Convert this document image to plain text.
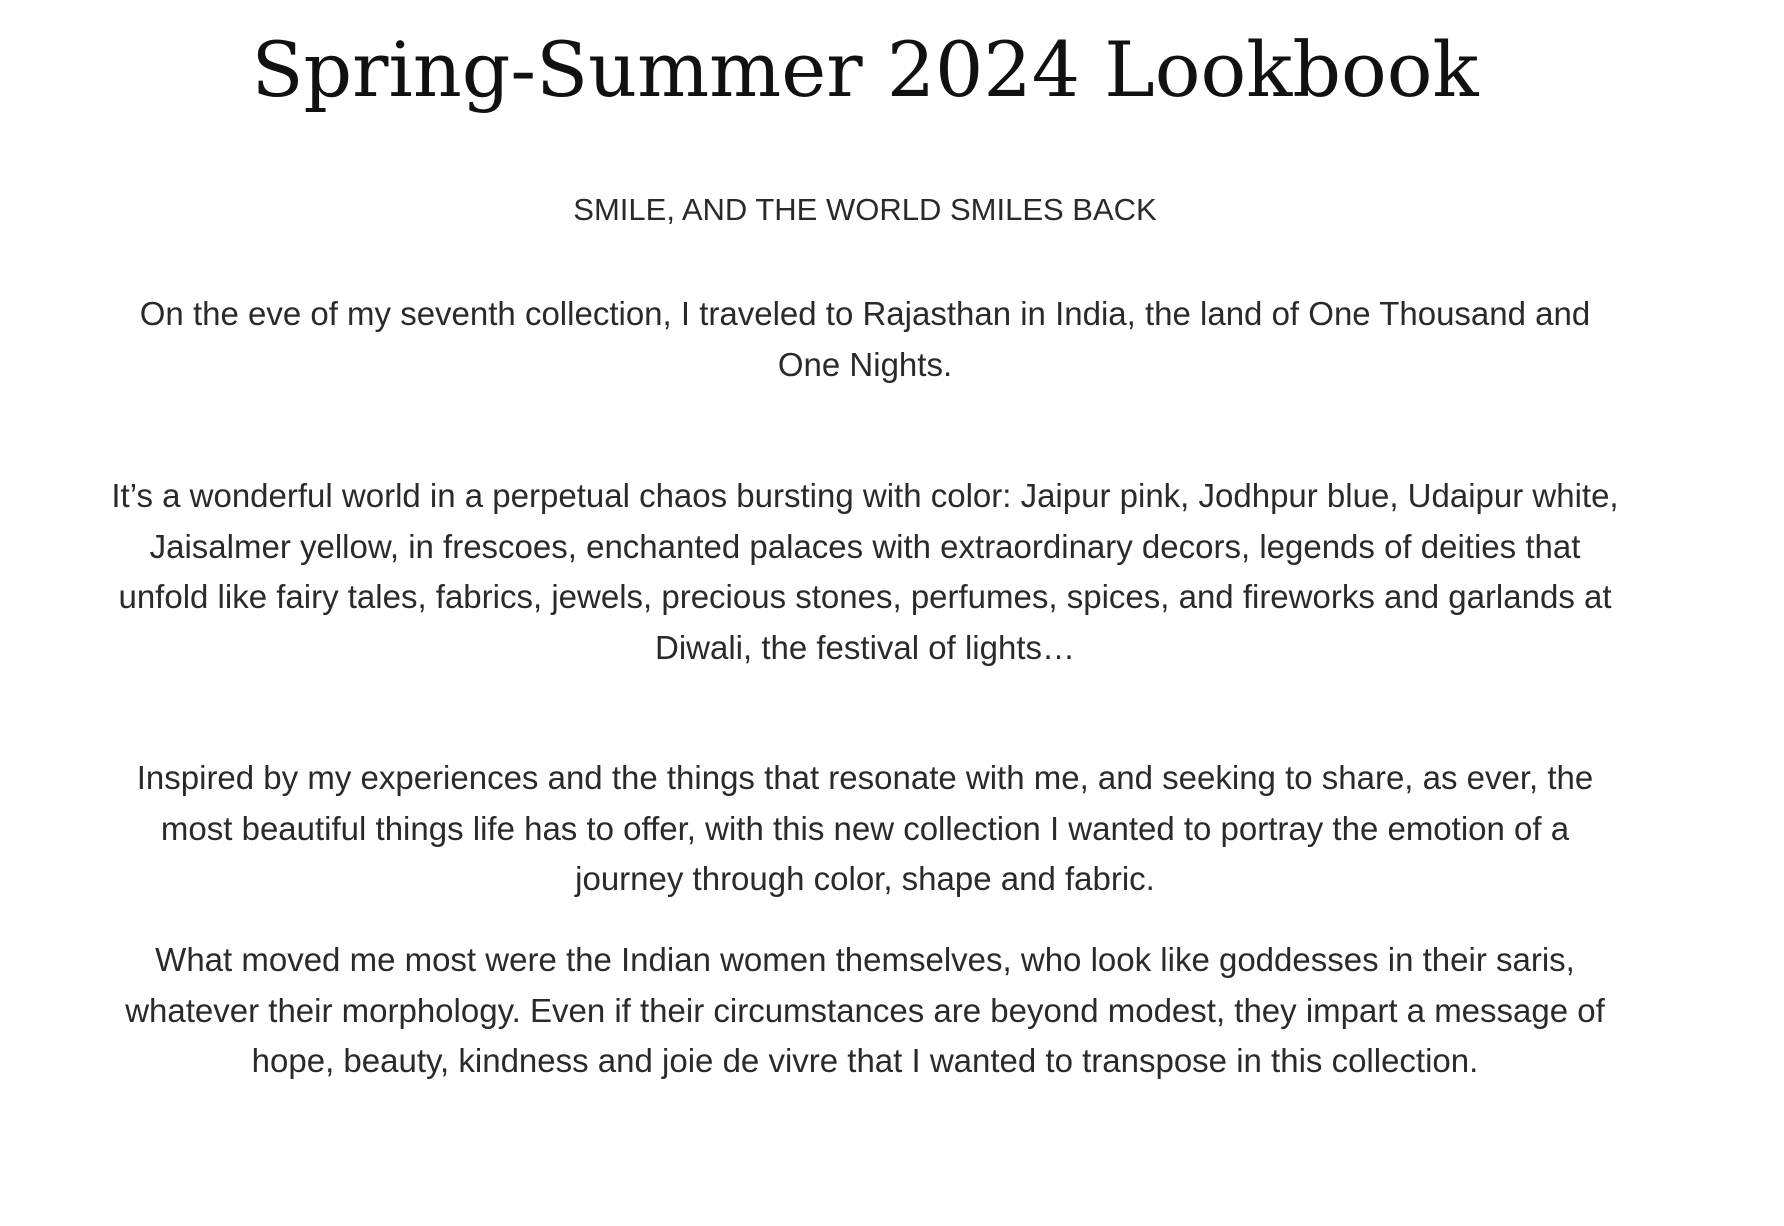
Spring-Summer 2024 Lookbook

SMILE, AND THE WORLD SMILES BACK

On the eve of my seventh collection, I traveled to Rajasthan in India, the land of One Thousand and One Nights.

It’s a wonderful world in a perpetual chaos bursting with color: Jaipur pink, Jodhpur blue, Udaipur white, Jaisalmer yellow, in frescoes, enchanted palaces with extraordinary decors, legends of deities that unfold like fairy tales, fabrics, jewels, precious stones, perfumes, spices, and fireworks and garlands at Diwali, the festival of lights…

Inspired by my experiences and the things that resonate with me, and seeking to share, as ever, the most beautiful things life has to offer, with this new collection I wanted to portray the emotion of a journey through color, shape and fabric.

What moved me most were the Indian women themselves, who look like goddesses in their saris,
whatever their morphology. Even if their circumstances are beyond modest, they impart a message of hope, beauty, kindness and joie de vivre that I wanted to transpose in this collection.
